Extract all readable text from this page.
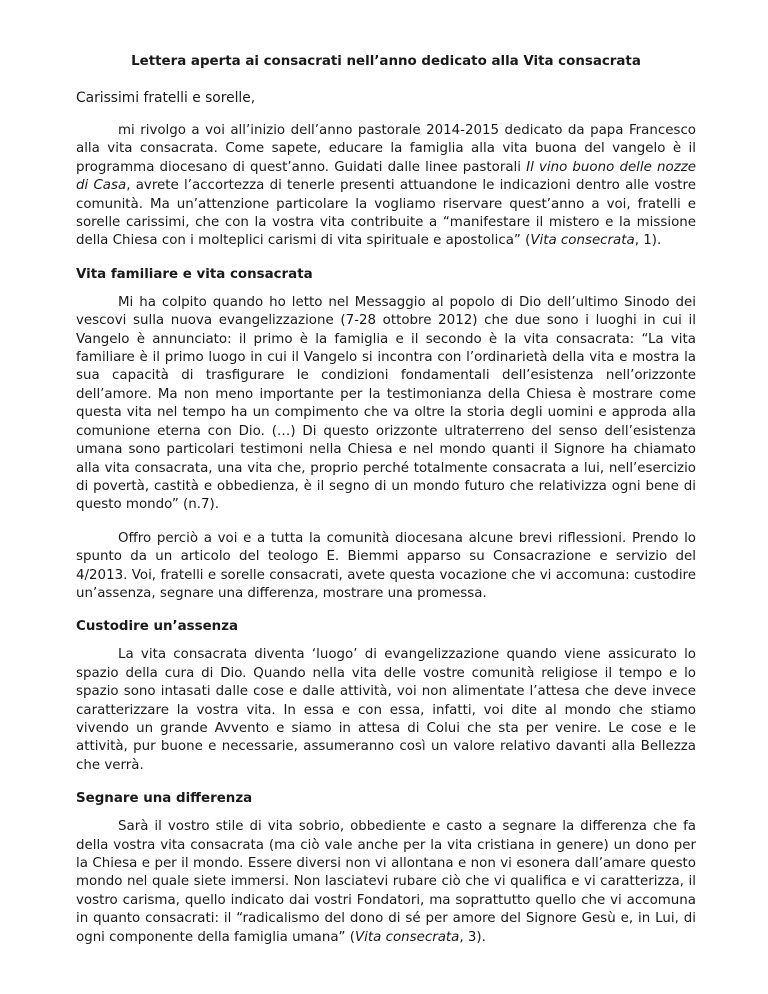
Lettera aperta ai consacrati nell’anno dedicato alla Vita consacrata
Carissimi fratelli e sorelle,

mi rivolgo a voi all’inizio dell’anno pastorale 2014-2015 dedicato da papa Francesco alla vita consacrata. Come sapete, educare la famiglia alla vita buona del vangelo è il programma diocesano di quest’anno. Guidati dalle linee pastorali Il vino buono delle nozze di Casa, avrete l’accortezza di tenerle presenti attuandone le indicazioni dentro alle vostre comunità. Ma un’attenzione particolare la vogliamo riservare quest’anno a voi, fratelli e sorelle carissimi, che con la vostra vita contribuite a “manifestare il mistero e la missione della Chiesa con i molteplici carismi di vita spirituale e apostolica” (Vita consecrata, 1).

Vita familiare e vita consacrata

Mi ha colpito quando ho letto nel Messaggio al popolo di Dio dell’ultimo Sinodo dei vescovi sulla nuova evangelizzazione (7-28 ottobre 2012) che due sono i luoghi in cui il Vangelo è annunciato: il primo è la famiglia e il secondo è la vita consacrata: “La vita familiare è il primo luogo in cui il Vangelo si incontra con l’ordinarietà della vita e mostra la sua capacità di trasfigurare le condizioni fondamentali dell’esistenza nell’orizzonte dell’amore. Ma non meno importante per la testimonianza della Chiesa è mostrare come questa vita nel tempo ha un compimento che va oltre la storia degli uomini e approda alla comunione eterna con Dio. (…) Di questo orizzonte ultraterreno del senso dell’esistenza umana sono particolari testimoni nella Chiesa e nel mondo quanti il Signore ha chiamato alla vita consacrata, una vita che, proprio perché totalmente consacrata a lui, nell’esercizio di povertà, castità e obbedienza, è il segno di un mondo futuro che relativizza ogni bene di questo mondo” (n.7).

Offro perciò a voi e a tutta la comunità diocesana alcune brevi riflessioni. Prendo lo spunto da un articolo del teologo E. Biemmi apparso su Consacrazione e servizio del 4/2013. Voi, fratelli e sorelle consacrati, avete questa vocazione che vi accomuna: custodire un’assenza, segnare una differenza, mostrare una promessa.

Custodire un’assenza

La vita consacrata diventa ‘luogo’ di evangelizzazione quando viene assicurato lo spazio della cura di Dio. Quando nella vita delle vostre comunità religiose il tempo e lo spazio sono intasati dalle cose e dalle attività, voi non alimentate l’attesa che deve invece caratterizzare la vostra vita. In essa e con essa, infatti, voi dite al mondo che stiamo vivendo un grande Avvento e siamo in attesa di Colui che sta per venire. Le cose e le attività, pur buone e necessarie, assumeranno così un valore relativo davanti alla Bellezza che verrà.

Segnare una differenza

Sarà il vostro stile di vita sobrio, obbediente e casto a segnare la differenza che fa della vostra vita consacrata (ma ciò vale anche per la vita cristiana in genere) un dono per la Chiesa e per il mondo. Essere diversi non vi allontana e non vi esonera dall’amare questo mondo nel quale siete immersi. Non lasciatevi rubare ciò che vi qualifica e vi caratterizza, il vostro carisma, quello indicato dai vostri Fondatori, ma soprattutto quello che vi accomuna in quanto consacrati: il “radicalismo del dono di sé per amore del Signore Gesù e, in Lui, di ogni componente della famiglia umana” (Vita consecrata, 3).
